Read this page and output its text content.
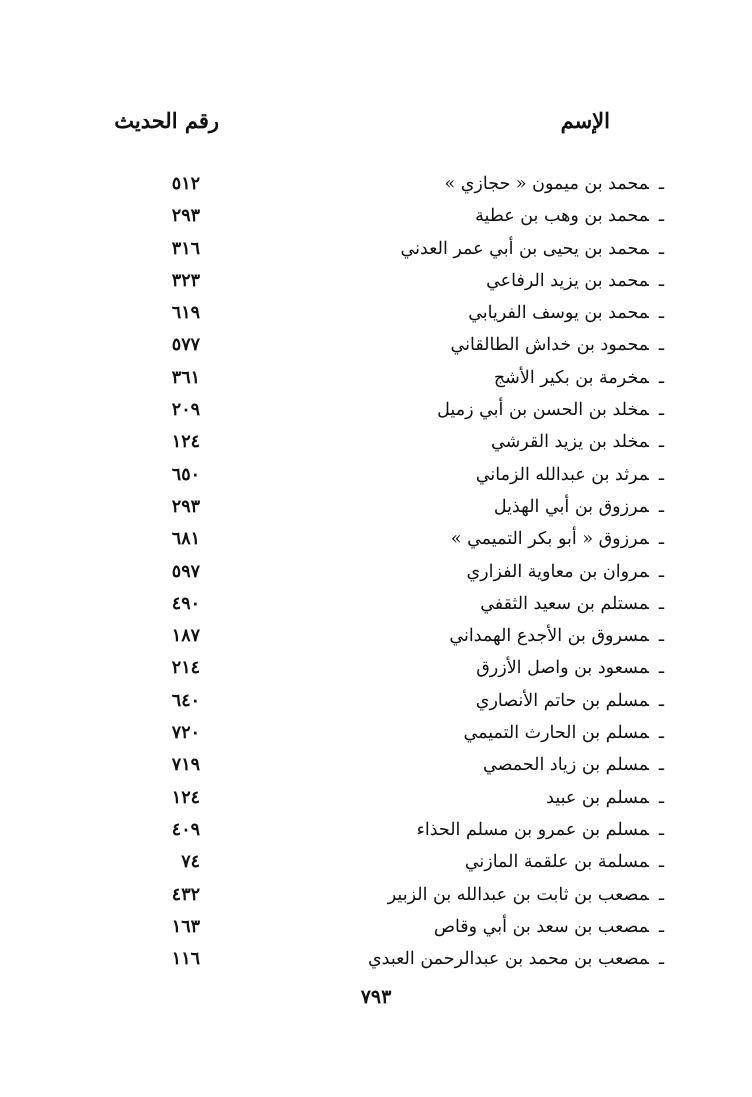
الإسم
رقم الحديث
ـمحمد بن ميمون « حجازي »
٥١٢
ـمحمد بن وهب بن عطية
٢٩٣
ـمحمد بن يحيى بن أبي عمر العدني
٣١٦
ـمحمد بن يزيد الرفاعي
٣٢٣
ـمحمد بن يوسف الفريابي
٦١٩
ـمحمود بن خداش الطالقاني
٥٧٧
ـمخرمة بن بكير الأشج
٣٦١
ـمخلد بن الحسن بن أبي زميل
٢٠٩
ـمخلد بن يزيد القرشي
١٢٤
ـمرثد بن عبدالله الزماني
٦٥٠
ـمرزوق بن أبي الهذيل
٢٩٣
ـمرزوق « أبو بكر التميمي »
٦٨١
ـمروان بن معاوية الفزاري
٥٩٧
ـمستلم بن سعيد الثقفي
٤٩٠
ـمسروق بن الأجدع الهمداني
١٨٧
ـمسعود بن واصل الأزرق
٢١٤
ـمسلم بن حاتم الأنصاري
٦٤٠
ـمسلم بن الحارث التميمي
٧٢٠
ـمسلم بن زياد الحمصي
٧١٩
ـمسلم بن عبيد
١٢٤
ـمسلم بن عمرو بن مسلم الحذاء
٤٠٩
ـمسلمة بن علقمة المازني
٧٤
ـمصعب بن ثابت بن عبدالله بن الزبير
٤٣٢
ـمصعب بن سعد بن أبي وقاص
١٦٣
ـمصعب بن محمد بن عبدالرحمن العبدي
١١٦
٧٩٣
